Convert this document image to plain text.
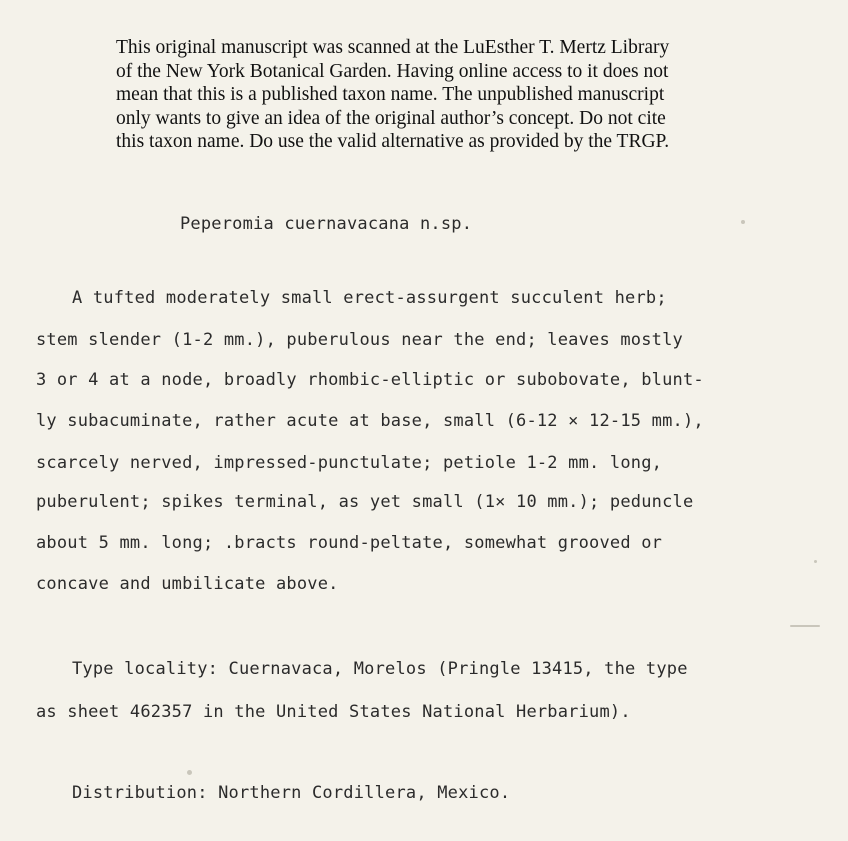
This original manuscript was scanned at the LuEsther T. Mertz Library
of the New York Botanical Garden. Having online access to it does not
mean that this is a published taxon name. The unpublished manuscript
only wants to give an idea of the original author’s concept. Do not cite
this taxon name. Do use the valid alternative as provided by the TRGP.
Peperomia cuernavacana n.sp.
A tufted moderately small erect-assurgent succulent herb;
stem slender (1-2 mm.), puberulous near the end; leaves mostly
3 or 4 at a node, broadly rhombic-elliptic or subobovate, blunt-
ly subacuminate, rather acute at base, small (6-12 × 12-15 mm.),
scarcely nerved, impressed-punctulate; petiole 1-2 mm. long,
puberulent; spikes terminal, as yet small (1× 10 mm.); peduncle
about 5 mm. long; .bracts round-peltate, somewhat grooved or
concave and umbilicate above.
Type locality: Cuernavaca, Morelos (Pringle 13415, the type
as sheet 462357 in the United States National Herbarium).
Distribution: Northern Cordillera, Mexico.
